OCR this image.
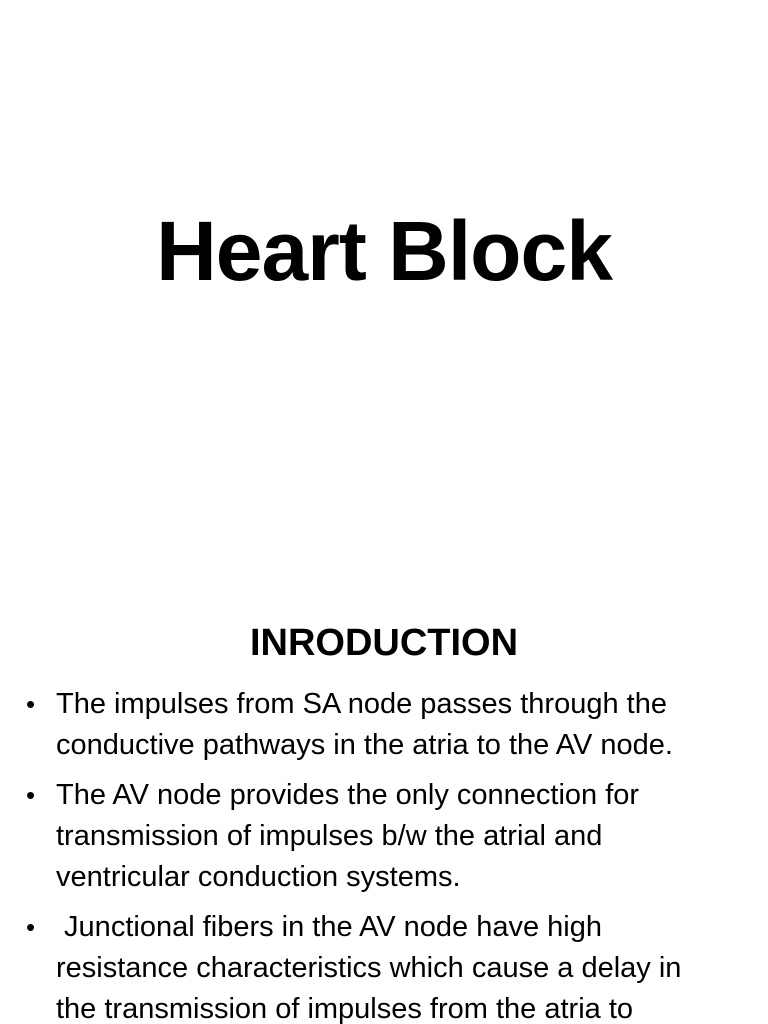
Heart Block
INRODUCTION
• The impulses from SA node passes through the
conductive pathways in the atria to the AV node.
• The AV node provides the only connection for
transmission of impulses b/w the atrial and
ventricular conduction systems.
• Junctional fibers in the AV node have high
resistance characteristics which cause a delay in
the transmission of impulses from the atria to
